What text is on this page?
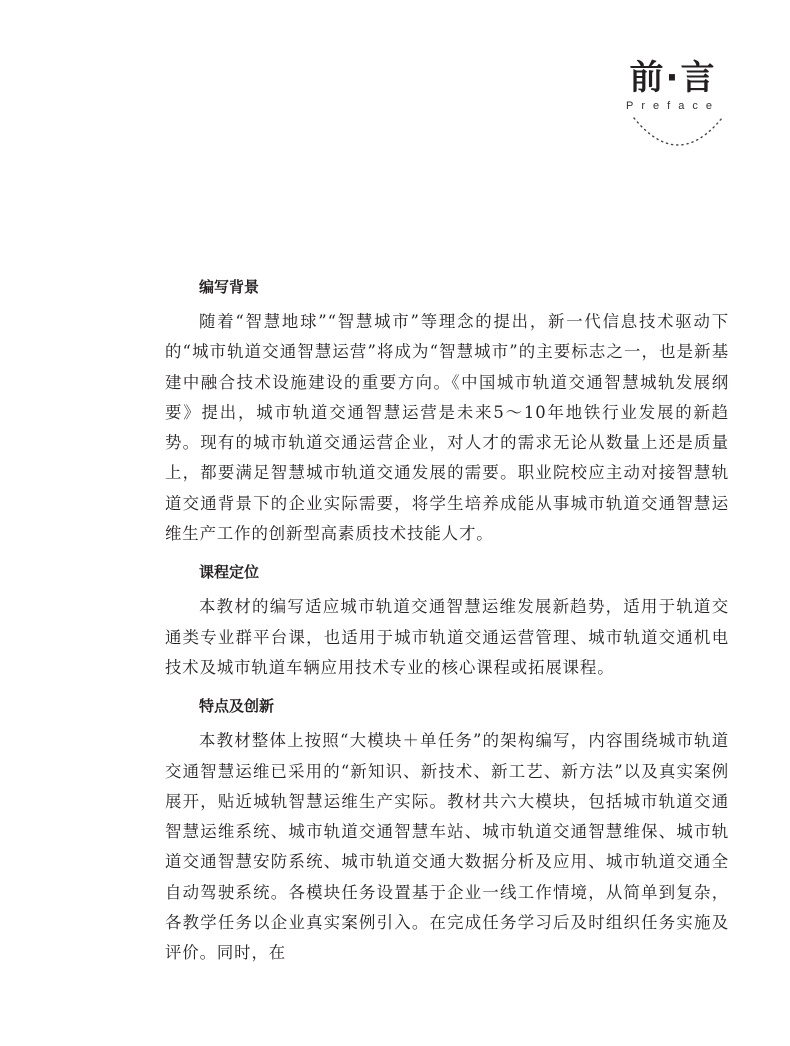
前·言
Preface
编写背景

随着“智慧地球”“智慧城市”等理念的提出，新一代信息技术驱动下的“城市轨道交通智慧运营”将成为“智慧城市”的主要标志之一，也是新基建中融合技术设施建设的重要方向。《中国城市轨道交通智慧城轨发展纲要》提出，城市轨道交通智慧运营是未来5～10年地铁行业发展的新趋势。现有的城市轨道交通运营企业，对人才的需求无论从数量上还是质量上，都要满足智慧城市轨道交通发展的需要。职业院校应主动对接智慧轨道交通背景下的企业实际需要，将学生培养成能从事城市轨道交通智慧运维生产工作的创新型高素质技术技能人才。

课程定位

本教材的编写适应城市轨道交通智慧运维发展新趋势，适用于轨道交通类专业群平台课，也适用于城市轨道交通运营管理、城市轨道交通机电技术及城市轨道车辆应用技术专业的核心课程或拓展课程。

特点及创新

本教材整体上按照“大模块＋单任务”的架构编写，内容围绕城市轨道交通智慧运维已采用的“新知识、新技术、新工艺、新方法”以及真实案例展开，贴近城轨智慧运维生产实际。教材共六大模块，包括城市轨道交通智慧运维系统、城市轨道交通智慧车站、城市轨道交通智慧维保、城市轨道交通智慧安防系统、城市轨道交通大数据分析及应用、城市轨道交通全自动驾驶系统。各模块任务设置基于企业一线工作情境，从简单到复杂，各教学任务以企业真实案例引入。在完成任务学习后及时组织任务实施及评价。同时，在
